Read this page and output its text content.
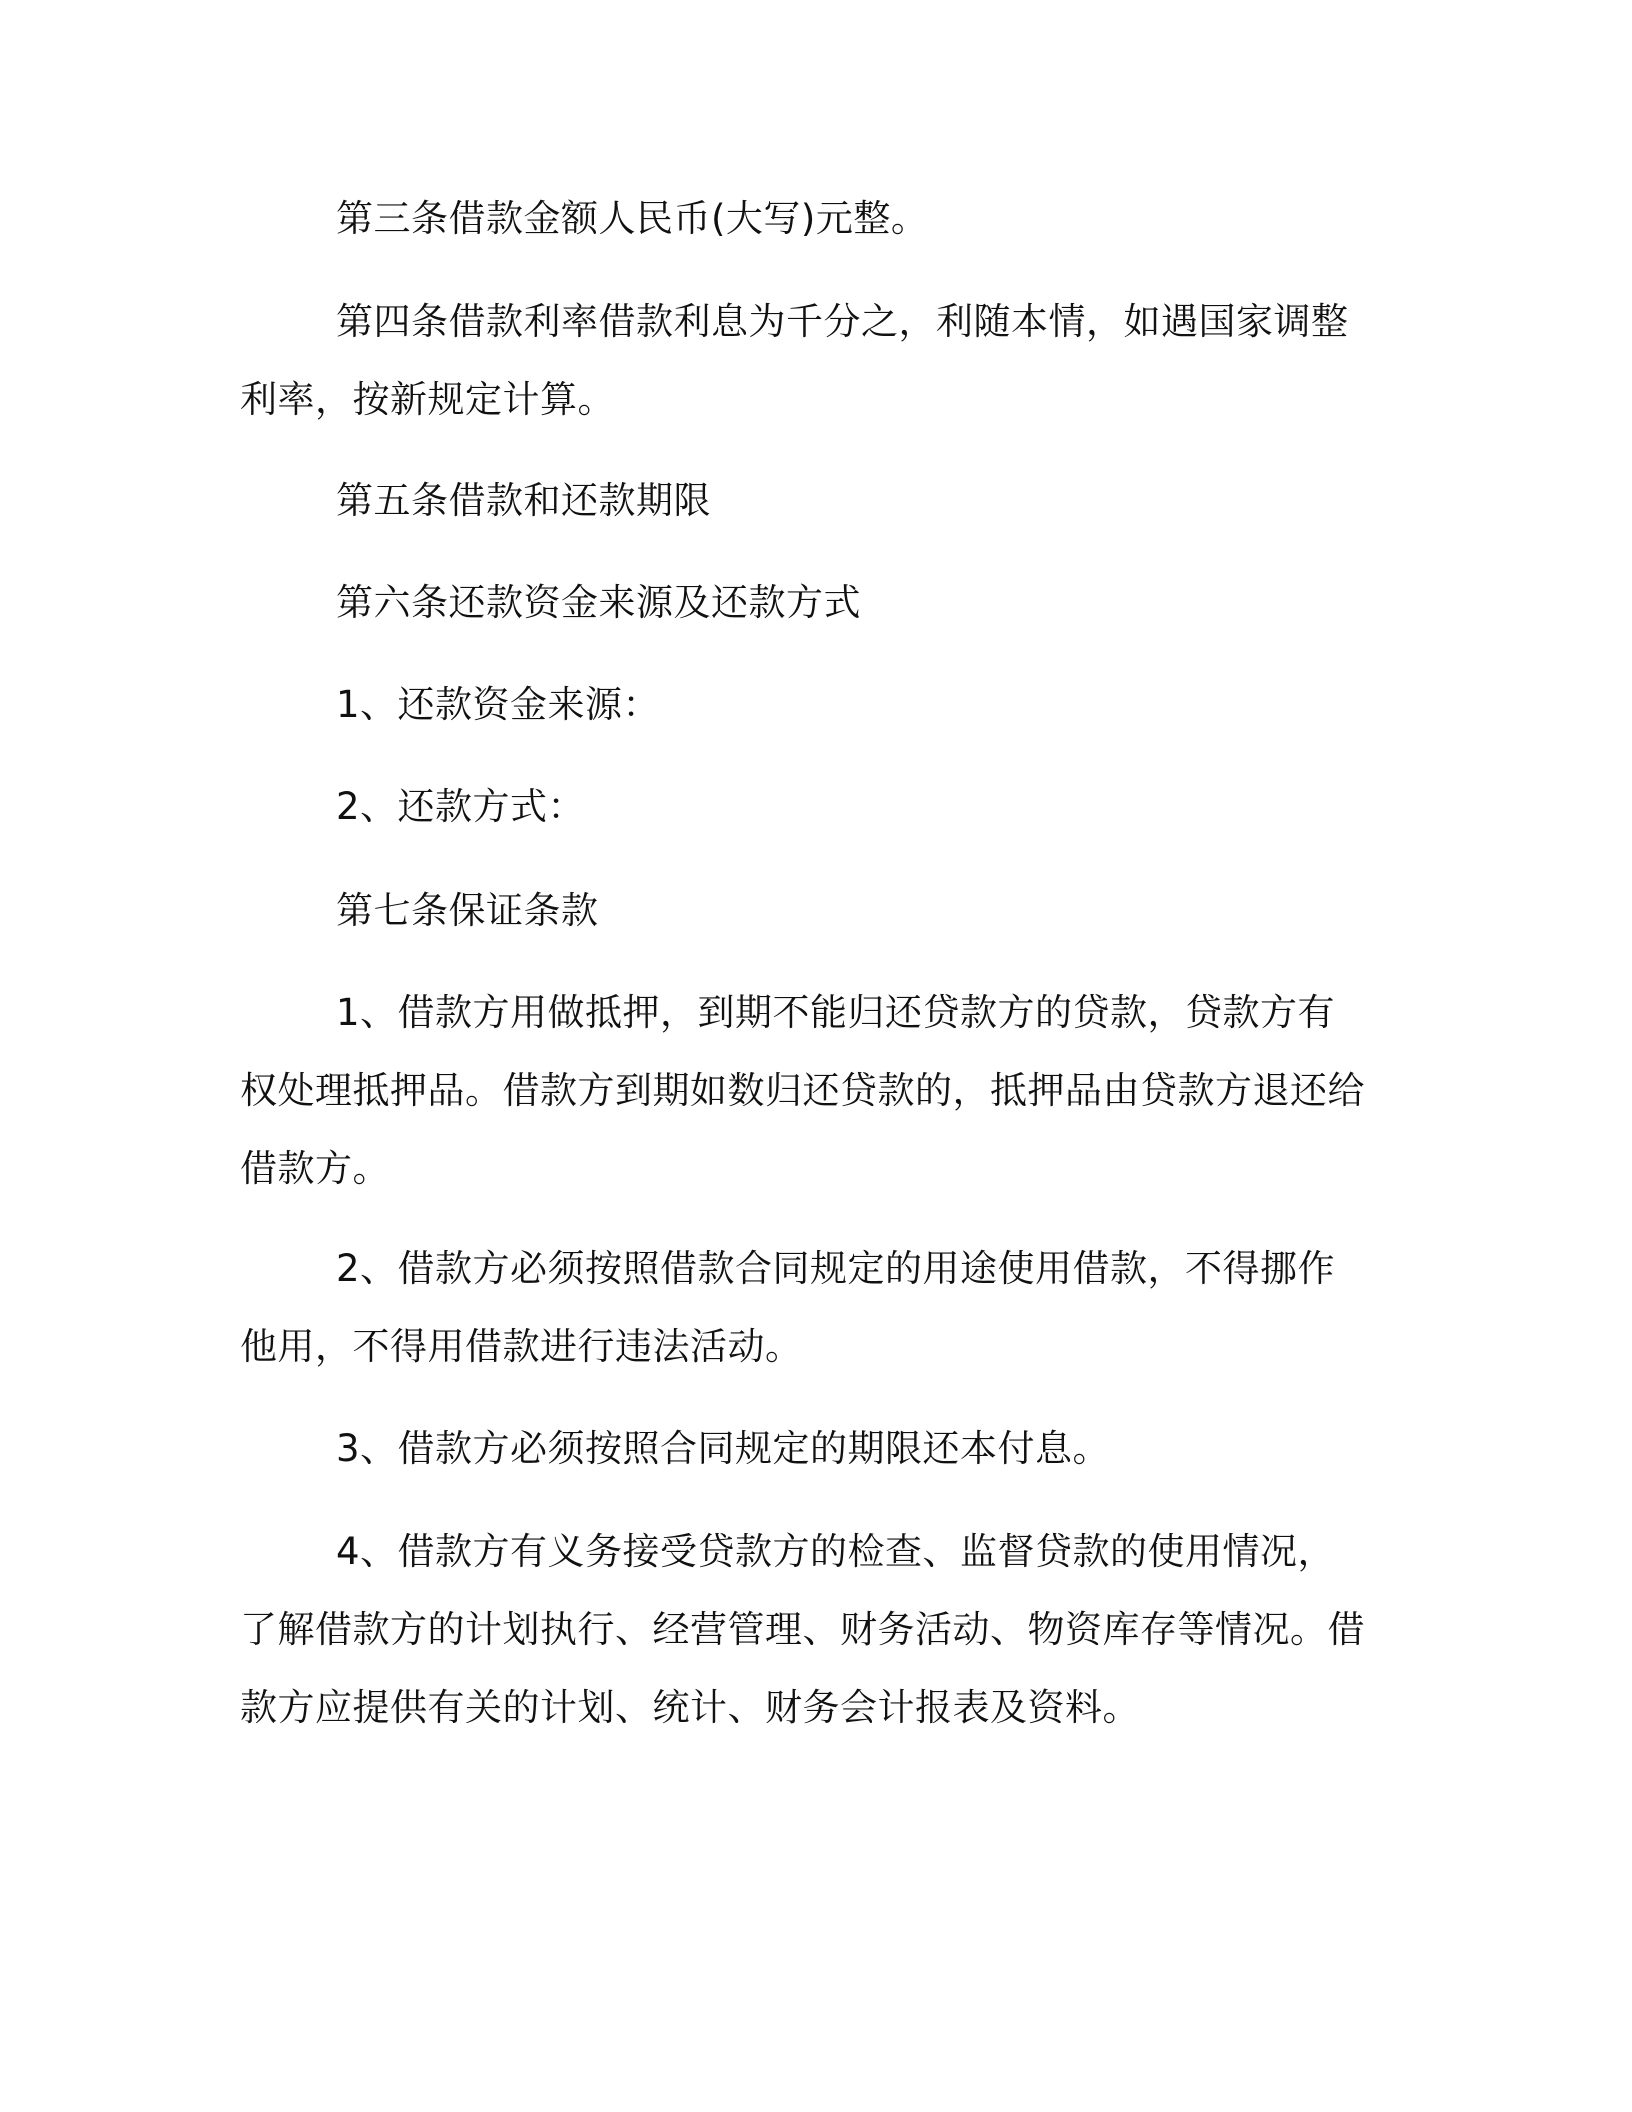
第三条借款金额人民币(大写)元整。

第四条借款利率借款利息为千分之，利随本情，如遇国家调整利率，按新规定计算。

第五条借款和还款期限

第六条还款资金来源及还款方式

1、还款资金来源：

2、还款方式：

第七条保证条款

1、借款方用做抵押，到期不能归还贷款方的贷款，贷款方有权处理抵押品。借款方到期如数归还贷款的，抵押品由贷款方退还给借款方。

2、借款方必须按照借款合同规定的用途使用借款，不得挪作他用，不得用借款进行违法活动。

3、借款方必须按照合同规定的期限还本付息。

4、借款方有义务接受贷款方的检查、监督贷款的使用情况，了解借款方的计划执行、经营管理、财务活动、物资库存等情况。借款方应提供有关的计划、统计、财务会计报表及资料。
